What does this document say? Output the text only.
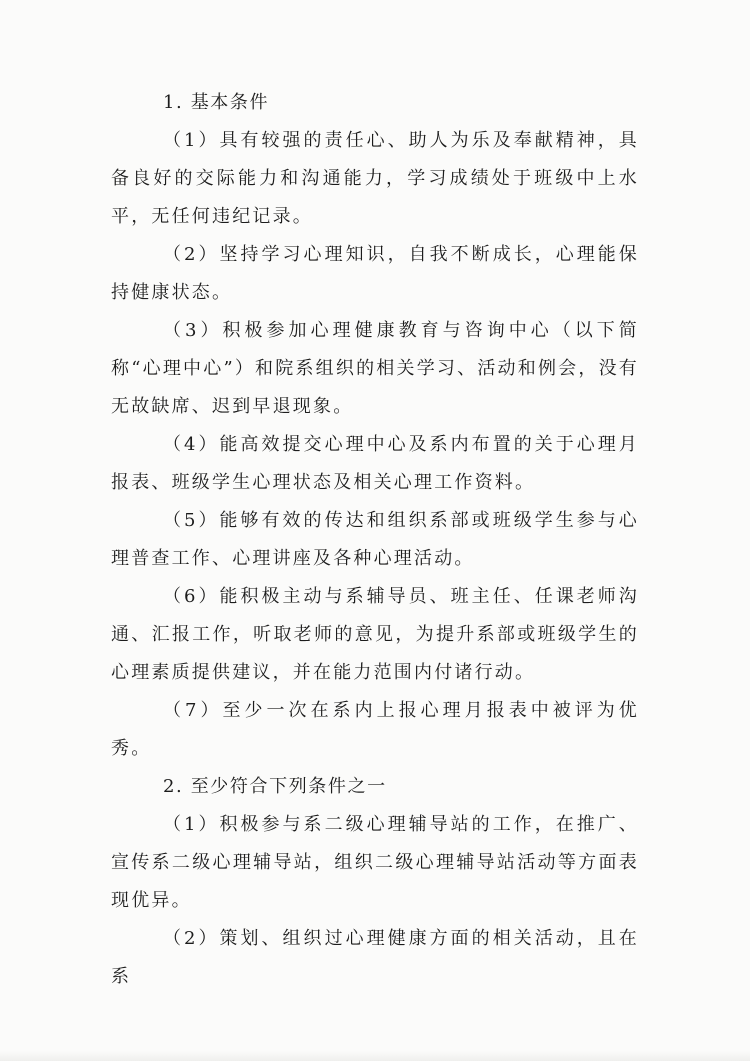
1. 基本条件

（1）具有较强的责任心、助人为乐及奉献精神，具备良好的交际能力和沟通能力，学习成绩处于班级中上水平，无任何违纪记录。

（2）坚持学习心理知识，自我不断成长，心理能保持健康状态。

（3）积极参加心理健康教育与咨询中心（以下简称“心理中心”）和院系组织的相关学习、活动和例会，没有无故缺席、迟到早退现象。

（4）能高效提交心理中心及系内布置的关于心理月报表、班级学生心理状态及相关心理工作资料。

（5）能够有效的传达和组织系部或班级学生参与心理普查工作、心理讲座及各种心理活动。

（6）能积极主动与系辅导员、班主任、任课老师沟通、汇报工作，听取老师的意见，为提升系部或班级学生的心理素质提供建议，并在能力范围内付诸行动。

（7）至少一次在系内上报心理月报表中被评为优秀。

2. 至少符合下列条件之一

（1）积极参与系二级心理辅导站的工作，在推广、宣传系二级心理辅导站，组织二级心理辅导站活动等方面表现优异。

（2）策划、组织过心理健康方面的相关活动，且在系
